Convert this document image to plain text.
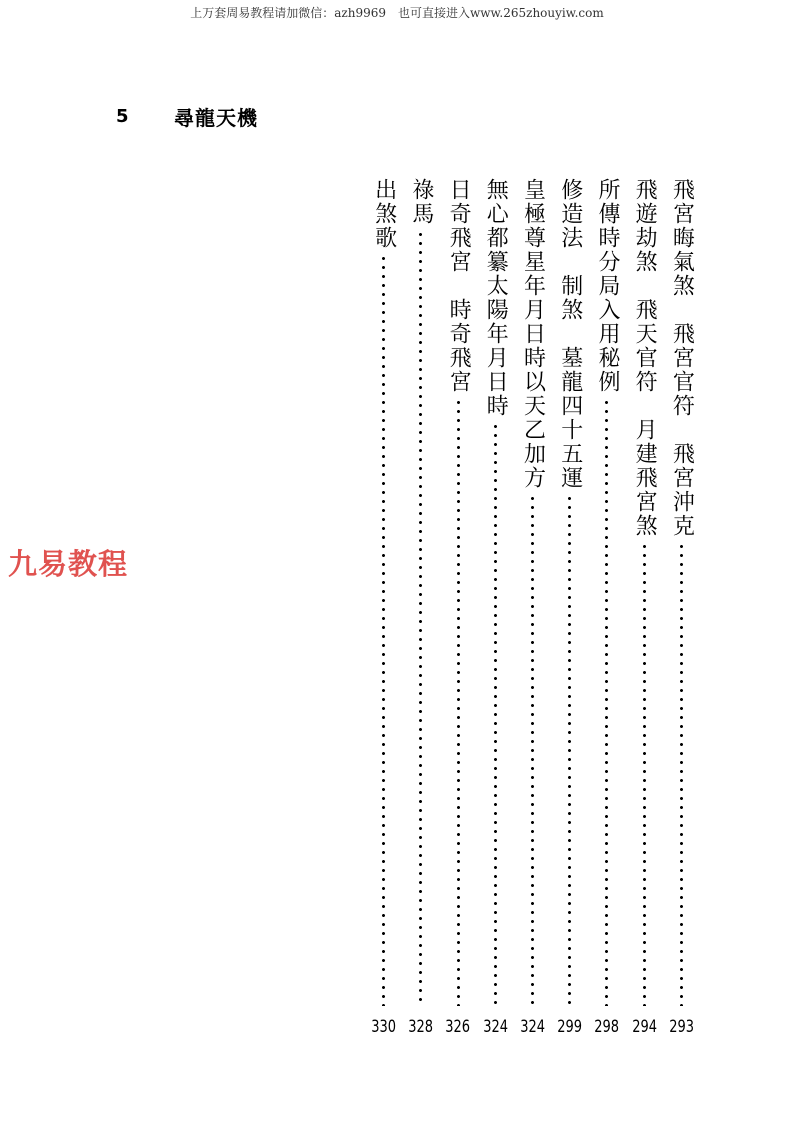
上万套周易教程请加微信：azh9969　也可直接进入www.265zhouyiw.com
5 尋龍天機
九易教程
飛宮晦氣煞　飛宮官符　飛宮沖克
293
飛遊劫煞　飛天官符　月建飛宮煞
294
所傳時分局入用秘例
298
修造法　制煞　墓龍四十五運
299
皇極尊星年月日時以天乙加方
324
無心都纂太陽年月日時
324
日奇飛宮　時奇飛宮
326
祿馬
328
出煞歌
330
